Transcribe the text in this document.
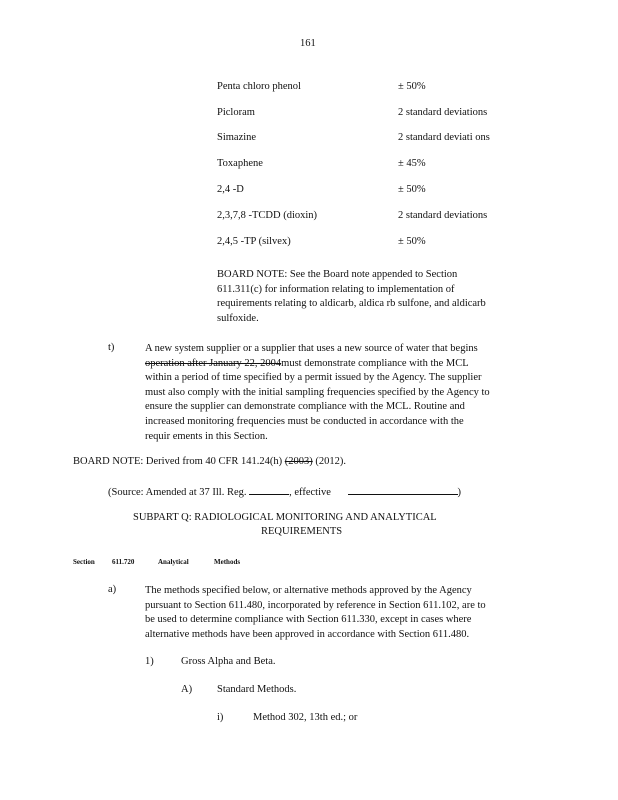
161
Penta chloro phenol	± 50%
Picloram	2 standard deviations
Simazine	2 standard deviati ons
Toxaphene	± 45%
2,4 -D	± 50%
2,3,7,8 -TCDD (dioxin)	2 standard deviations
2,4,5 -TP (silvex)	± 50%
BOARD NOTE: See the Board note appended to Section
611.311(c) for information relating to implementation of
requirements relating to aldicarb, aldica rb sulfone, and aldicarb
sulfoxide.
t)	A new system supplier or a supplier that uses a new source of water that begins
operation after January 22, 2004must demonstrate compliance with the MCL
within a period of time specified by a permit issued by the Agency. The supplier
must also comply with the initial sampling frequencies specified by the Agency to
ensure the supplier can demonstrate compliance with the MCL. Routine and
increased monitoring frequencies must be conducted in accordance with the
requir ements in this Section.
BOARD NOTE: Derived from 40 CFR 141.24(h) (2003) (2012).
(Source: Amended at 37 Ill. Reg.	, effective	)
SUBPART Q: RADIOLOGICAL MONITORING AND ANALYTICAL
REQUIREMENTS
Section 611.720	Analytical	Methods
a)	The methods specified below, or alternative methods approved by the Agency
pursuant to Section 611.480, incorporated by reference in Section 611.102, are to
be used to determine compliance with Section 611.330, except in cases where
alternative methods have been approved in accordance with Section 611.480.
1)	Gross Alpha and Beta.
A) Standard Methods.
i)	Method 302, 13th ed.; or
